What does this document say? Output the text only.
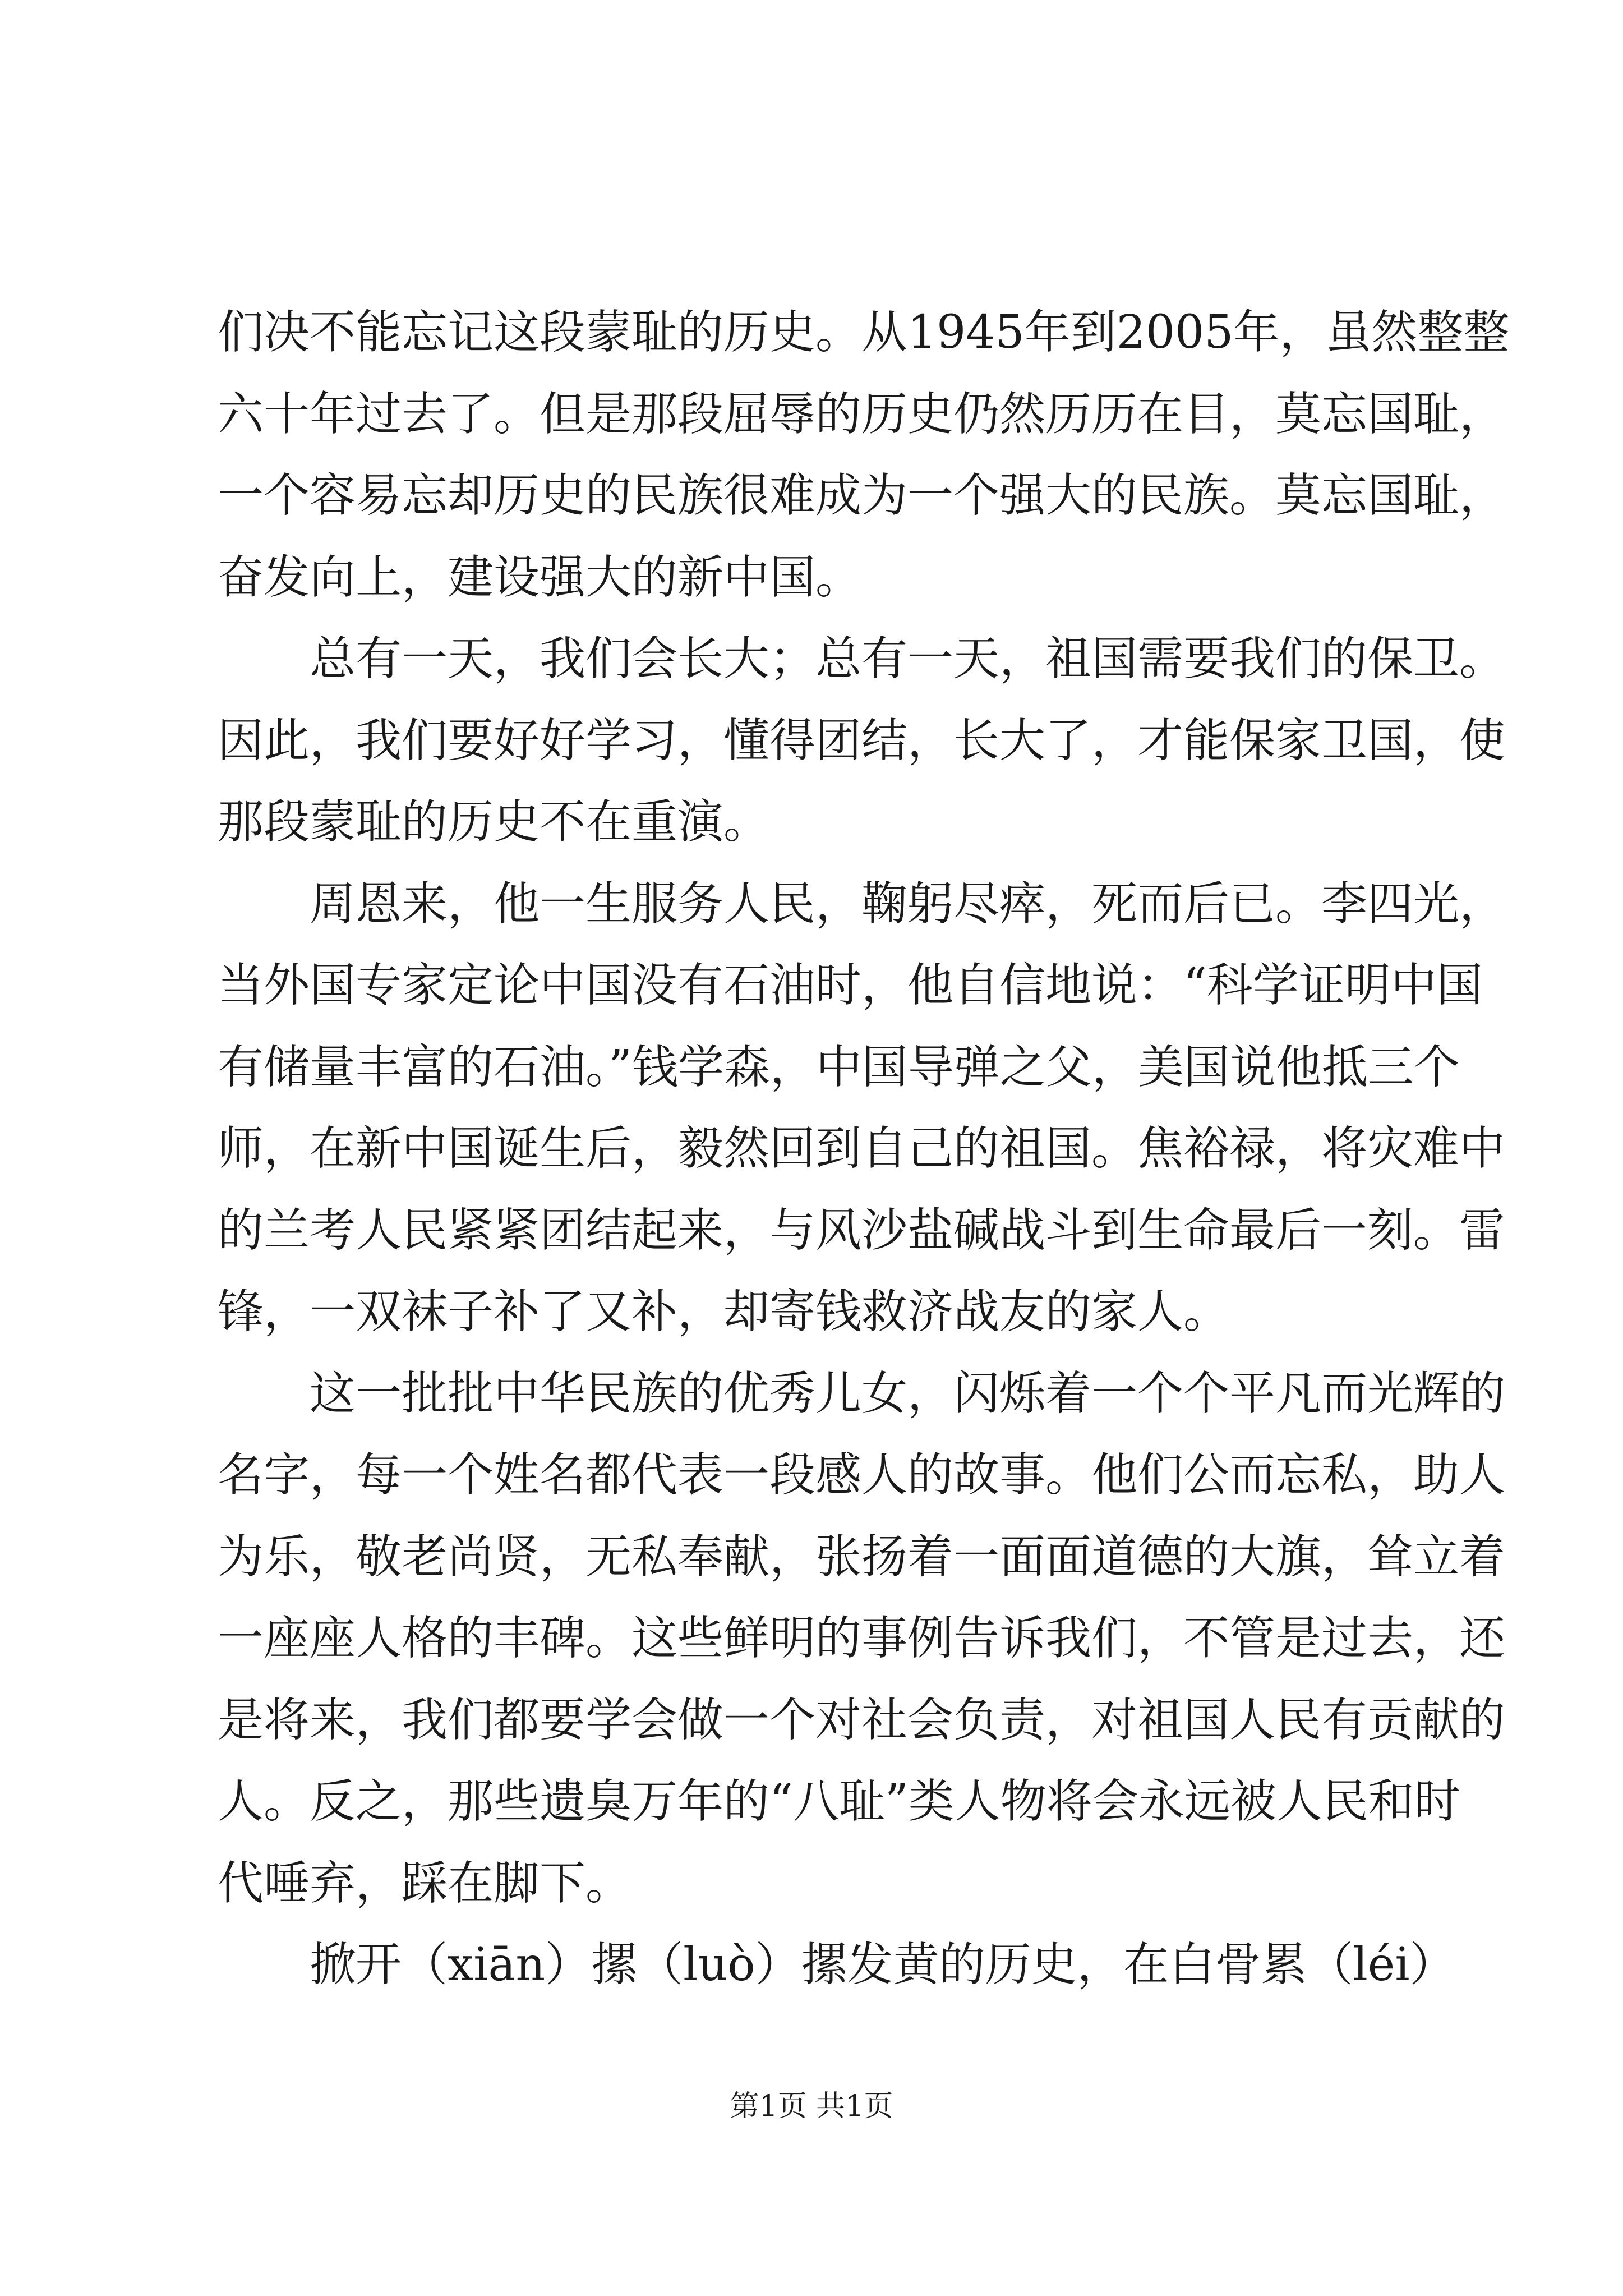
们决不能忘记这段蒙耻的历史。从1945年到2005年，虽然整整
六十年过去了。但是那段屈辱的历史仍然历历在目，莫忘国耻，
一个容易忘却历史的民族很难成为一个强大的民族。莫忘国耻，
奋发向上，建设强大的新中国。
　　总有一天，我们会长大；总有一天，祖国需要我们的保卫。
因此，我们要好好学习，懂得团结，长大了，才能保家卫国，使
那段蒙耻的历史不在重演。
　　周恩来，他一生服务人民，鞠躬尽瘁，死而后已。李四光，
当外国专家定论中国没有石油时，他自信地说：“科学证明中国
有储量丰富的石油。”钱学森，中国导弹之父，美国说他抵三个
师，在新中国诞生后，毅然回到自己的祖国。焦裕禄，将灾难中
的兰考人民紧紧团结起来，与风沙盐碱战斗到生命最后一刻。雷
锋，一双袜子补了又补，却寄钱救济战友的家人。
　　这一批批中华民族的优秀儿女，闪烁着一个个平凡而光辉的
名字，每一个姓名都代表一段感人的故事。他们公而忘私，助人
为乐，敬老尚贤，无私奉献，张扬着一面面道德的大旗，耸立着
一座座人格的丰碑。这些鲜明的事例告诉我们，不管是过去，还
是将来，我们都要学会做一个对社会负责，对祖国人民有贡献的
人。反之，那些遗臭万年的“八耻”类人物将会永远被人民和时
代唾弃，踩在脚下。
　　掀开（xiān）摞（luò）摞发黄的历史，在白骨累（léi）
第1页 共1页
